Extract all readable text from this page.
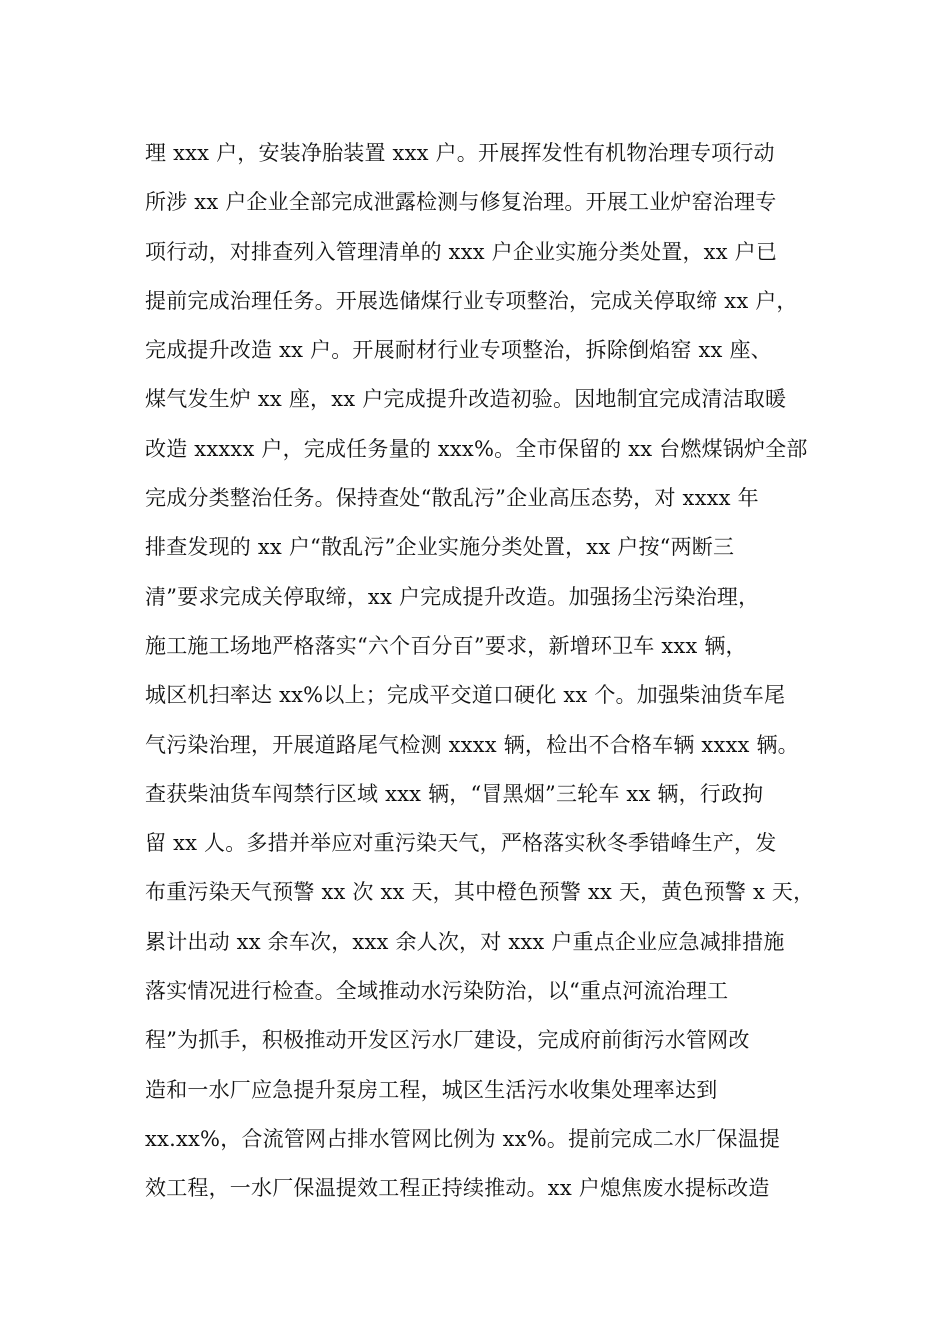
理 xxx 户，安装净胎装置 xxx 户。开展挥发性有机物治理专项行动
所涉 xx 户企业全部完成泄露检测与修复治理。开展工业炉窑治理专
项行动，对排查列入管理清单的 xxx 户企业实施分类处置，xx 户已
提前完成治理任务。开展选储煤行业专项整治，完成关停取缔 xx 户，
完成提升改造 xx 户。开展耐材行业专项整治，拆除倒焰窑 xx 座、
煤气发生炉 xx 座，xx 户完成提升改造初验。因地制宜完成清洁取暖
改造 xxxxx 户，完成任务量的 xxx%。全市保留的 xx 台燃煤锅炉全部
完成分类整治任务。保持查处“散乱污”企业高压态势，对 xxxx 年
排查发现的 xx 户“散乱污”企业实施分类处置，xx 户按“两断三
清”要求完成关停取缔，xx 户完成提升改造。加强扬尘污染治理，
施工施工场地严格落实“六个百分百”要求，新增环卫车 xxx 辆，
城区机扫率达 xx%以上；完成平交道口硬化 xx 个。加强柴油货车尾
气污染治理，开展道路尾气检测 xxxx 辆，检出不合格车辆 xxxx 辆。
查获柴油货车闯禁行区域 xxx 辆，“冒黑烟”三轮车 xx 辆，行政拘
留 xx 人。多措并举应对重污染天气，严格落实秋冬季错峰生产，发
布重污染天气预警 xx 次 xx 天，其中橙色预警 xx 天，黄色预警 x 天，
累计出动 xx 余车次，xxx 余人次，对 xxx 户重点企业应急减排措施
落实情况进行检查。全域推动水污染防治，以“重点河流治理工
程”为抓手，积极推动开发区污水厂建设，完成府前街污水管网改
造和一水厂应急提升泵房工程，城区生活污水收集处理率达到
xx.xx%，合流管网占排水管网比例为 xx%。提前完成二水厂保温提
效工程，一水厂保温提效工程正持续推动。xx 户熄焦废水提标改造
